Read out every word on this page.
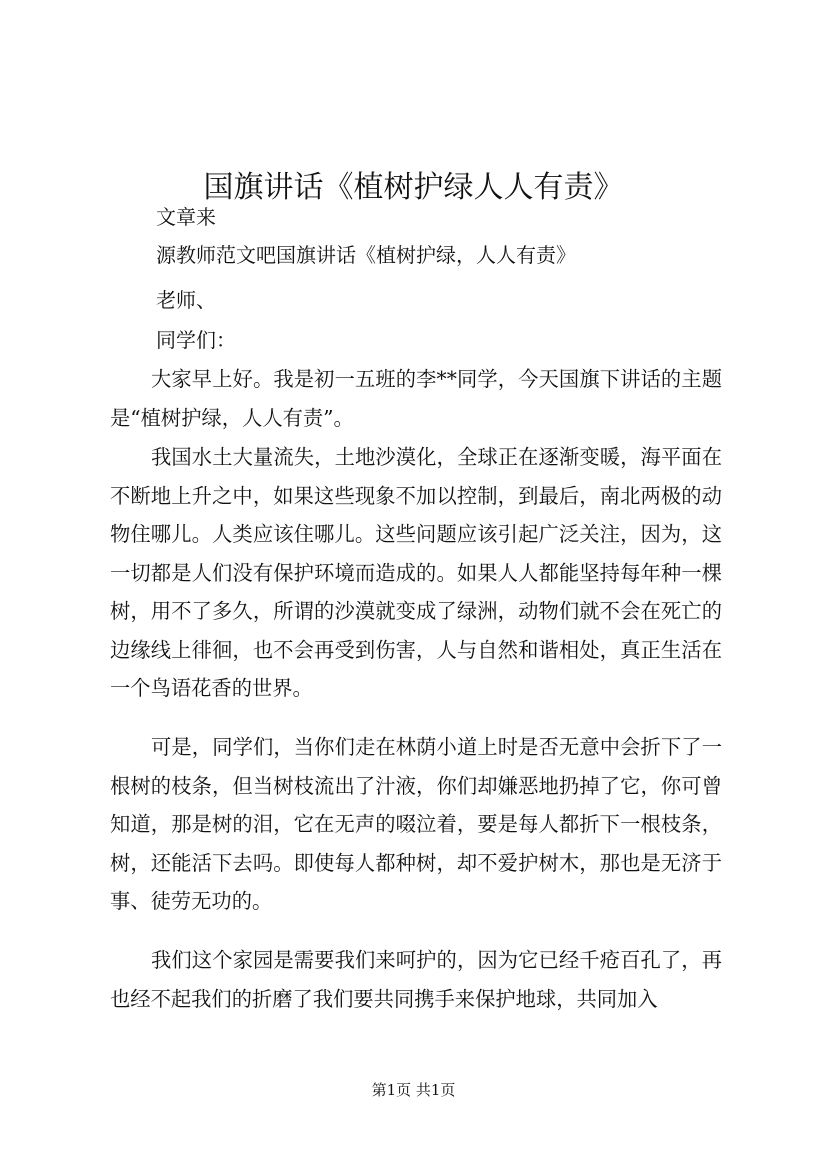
国旗讲话《植树护绿人人有责》
文章来
源教师范文吧国旗讲话《植树护绿，人人有责》
老师、
同学们：

大家早上好。我是初一五班的李**同学，今天国旗下讲话的主题是“植树护绿，人人有责”。

我国水土大量流失，土地沙漠化，全球正在逐渐变暖，海平面在不断地上升之中，如果这些现象不加以控制，到最后，南北两极的动物住哪儿。人类应该住哪儿。这些问题应该引起广泛关注，因为，这一切都是人们没有保护环境而造成的。如果人人都能坚持每年种一棵树，用不了多久，所谓的沙漠就变成了绿洲，动物们就不会在死亡的边缘线上徘徊，也不会再受到伤害，人与自然和谐相处，真正生活在一个鸟语花香的世界。

可是，同学们，当你们走在林荫小道上时是否无意中会折下了一根树的枝条，但当树枝流出了汁液，你们却嫌恶地扔掉了它，你可曾知道，那是树的泪，它在无声的啜泣着，要是每人都折下一根枝条，树，还能活下去吗。即使每人都种树，却不爱护树木，那也是无济于事、徒劳无功的。

我们这个家园是需要我们来呵护的，因为它已经千疮百孔了，再也经不起我们的折磨了我们要共同携手来保护地球，共同加入

第1页 共1页
